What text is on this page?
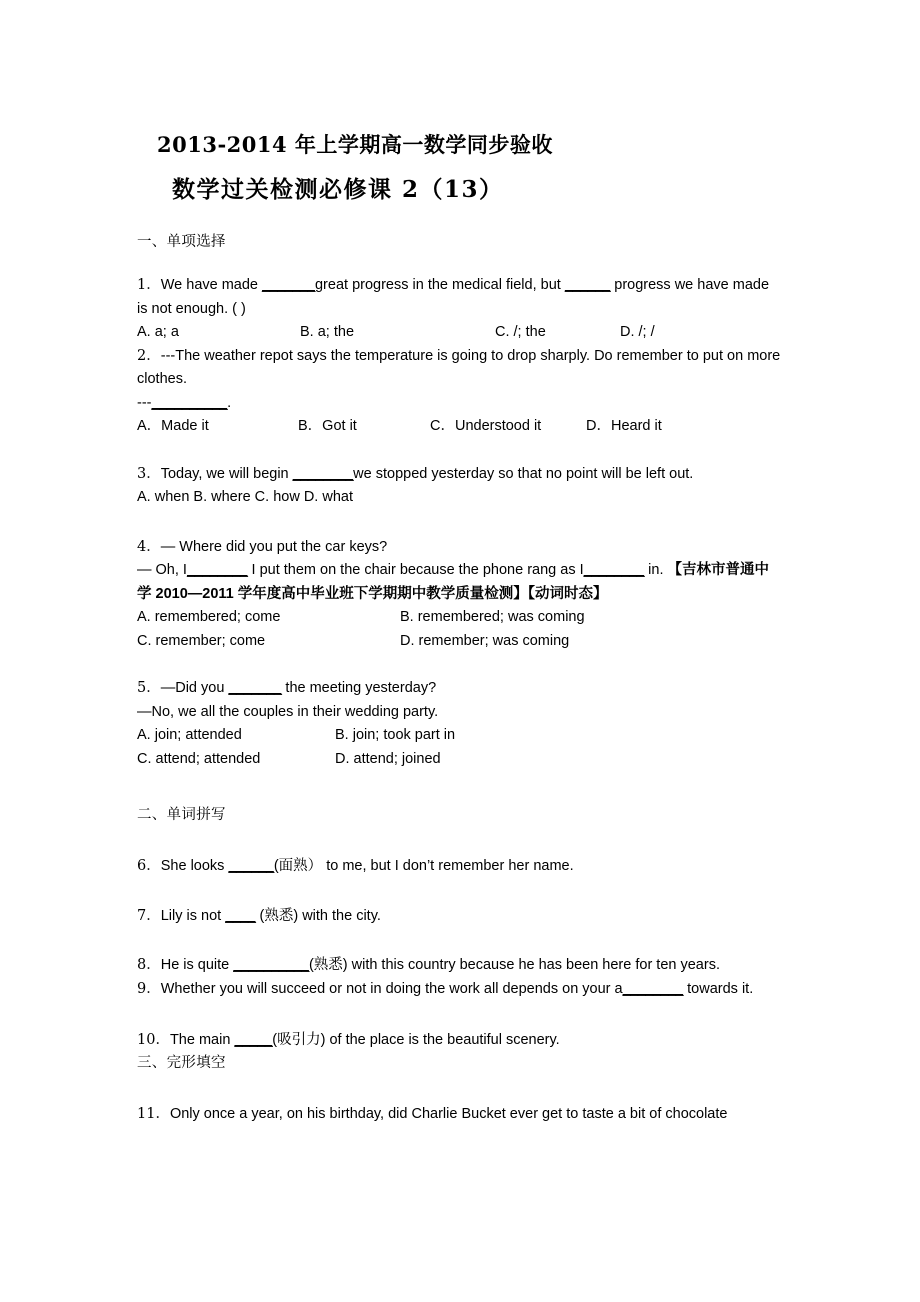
2013-2014 年上学期高一数学同步验收
数学过关检测必修课 2（13）
一、单项选择
1．We have made _______great progress in the medical field, but ______ progress we have made is not enough. ( )
A. a; a	B. a; the	C. /; the	D. /; /
2．---The weather repot says the temperature is going to drop sharply. Do remember to put on more clothes.
---__________.
A．Made it	B．Got it	C．Understood it	D．Heard it
3．Today, we will begin ________we stopped yesterday so that no point will be left out.
A. when B. where C. how D. what
4．— Where did you put the car keys?
— Oh, I________ I put them on the chair because the phone rang as I________ in. 【吉林市普通中学 2010—2011 学年度高中毕业班下学期期中教学质量检测】【动词时态】
A. remembered; come	B. remembered; was coming
C. remember; come	D. remember; was coming
5．—Did you _______ the meeting yesterday?
—No, we all the couples in their wedding party.
A. join; attended	B. join; took part in
C. attend; attended	D. attend; joined
二、单词拼写
6．She looks ______(面熟） to me, but I don’t remember her name.
7．Lily is not ____ (熟悉) with the city.
8．He is quite __________(熟悉) with this country because he has been here for ten years.
9．Whether you will succeed or not in doing the work all depends on your a________ towards it.
10．The main _____(吸引力) of the place is the beautiful scenery.
三、完形填空
11．Only once a year, on his birthday, did Charlie Bucket ever get to taste a bit of chocolate
